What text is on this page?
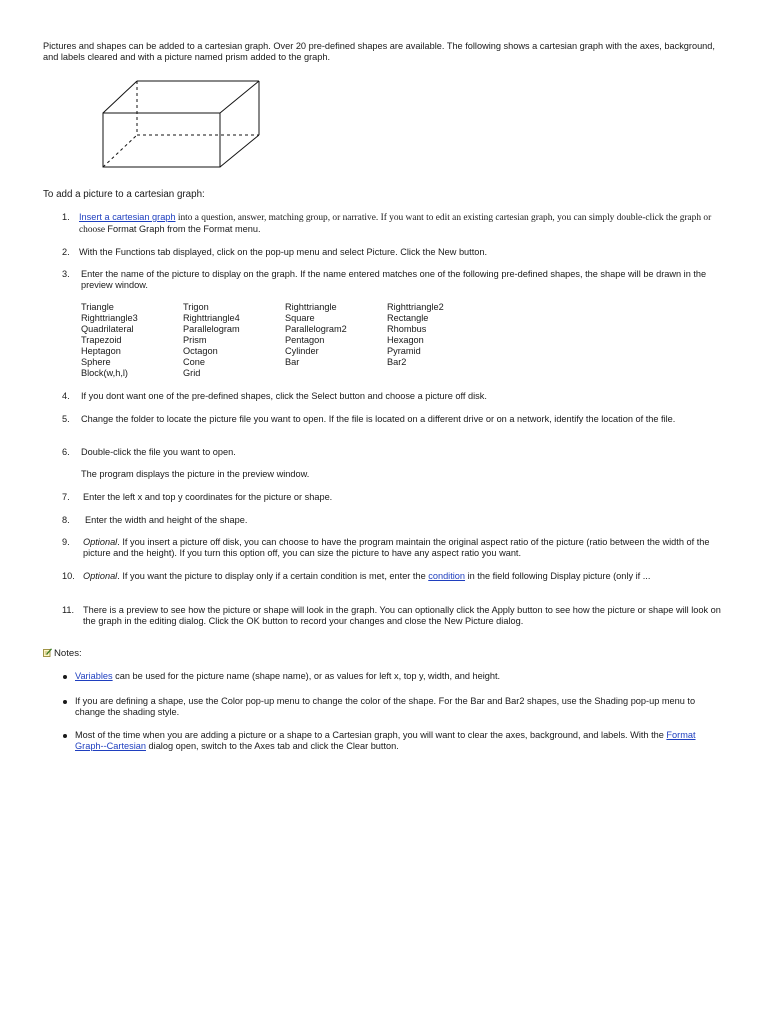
Pictures and shapes can be added to a cartesian graph. Over 20 pre-defined shapes are available. The following shows a cartesian graph with the axes, background, and labels cleared and with a picture named prism added to the graph.
To add a picture to a cartesian graph:
1. Insert a cartesian graph into a question, answer, matching group, or narrative. If you want to edit an existing cartesian graph, you can simply double-click the graph or choose Format Graph from the Format menu.
2. With the Functions tab displayed, click on the pop-up menu and select Picture. Click the New button.
3. Enter the name of the picture to display on the graph. If the name entered matches one of the following pre-defined shapes, the shape will be drawn in the preview window.
Triangle	Trigon	Righttriangle	Righttriangle2
Righttriangle3	Righttriangle4	Square	Rectangle
Quadrilateral	Parallelogram	Parallelogram2	Rhombus
Trapezoid	Prism	Pentagon	Hexagon
Heptagon	Octagon	Cylinder	Pyramid
Sphere	Cone	Bar	Bar2
Block(w,h,l)	Grid		
4. If you dont want one of the pre-defined shapes, click the Select button and choose a picture off disk.
5. Change the folder to locate the picture file you want to open. If the file is located on a different drive or on a network, identify the location of the file.
6. Double-click the file you want to open.
The program displays the picture in the preview window.
7. Enter the left x and top y coordinates for the picture or shape.
8. Enter the width and height of the shape.
9. Optional. If you insert a picture off disk, you can choose to have the program maintain the original aspect ratio of the picture (ratio between the width of the picture and the height). If you turn this option off, you can size the picture to have any aspect ratio you want.
10. Optional. If you want the picture to display only if a certain condition is met, enter the condition in the field following Display picture (only if ...
11. There is a preview to see how the picture or shape will look in the graph. You can optionally click the Apply button to see how the picture or shape will look on the graph in the editing dialog. Click the OK button to record your changes and close the New Picture dialog.
Notes:
Variables can be used for the picture name (shape name), or as values for left x, top y, width, and height.
If you are defining a shape, use the Color pop-up menu to change the color of the shape. For the Bar and Bar2 shapes, use the Shading pop-up menu to change the shading style.
Most of the time when you are adding a picture or a shape to a Cartesian graph, you will want to clear the axes, background, and labels. With the Format Graph--Cartesian dialog open, switch to the Axes tab and click the Clear button.
